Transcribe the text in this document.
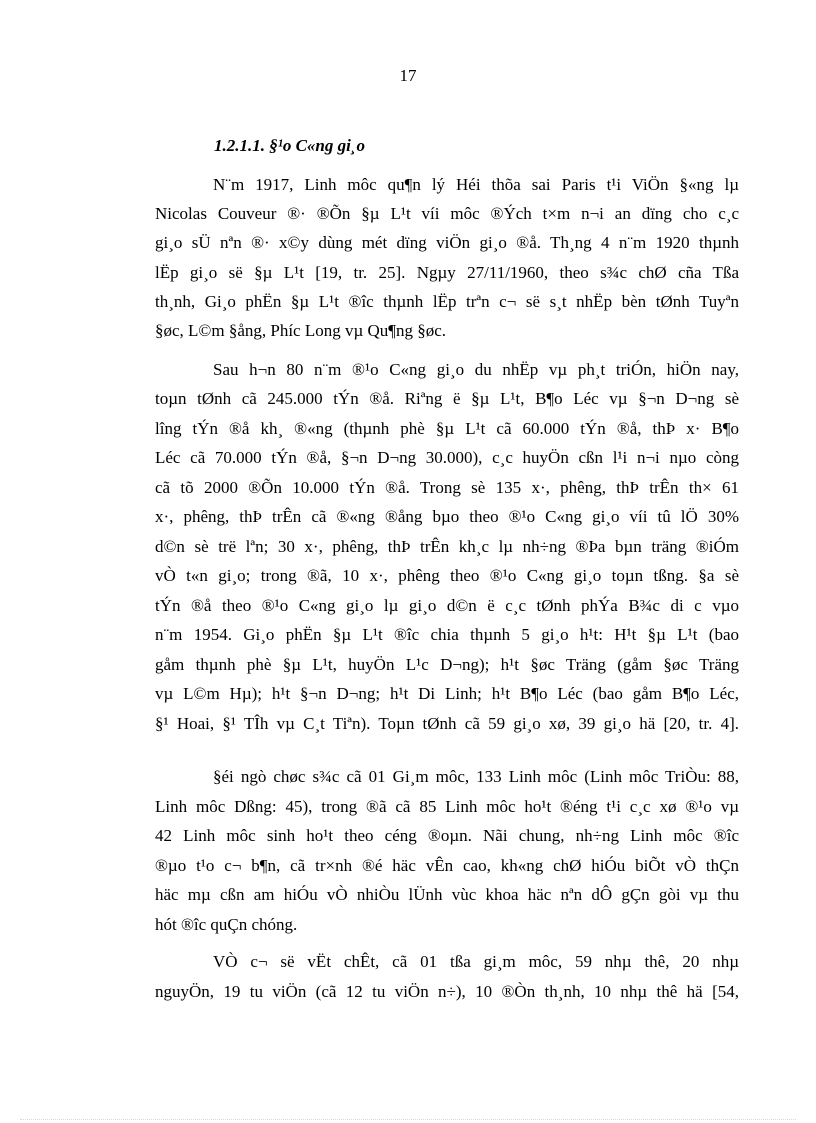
17
1.2.1.1. §¹o C«ng gi¸o
N¨m 1917, Linh môc qu¶n lý Héi thõa sai Paris t¹i ViÖn §«ng lµ
Nicolas Couveur ®· ®Õn §µ L¹t víi môc ®Ých t×m n¬i an dïng cho c¸c
gi¸o sÜ nªn ®· x©y dùng mét dïng viÖn gi¸o ®å. Th¸ng 4 n¨m 1920 thµnh
lËp gi¸o së §µ L¹t [19, tr. 25]. Ngµy 27/11/1960, theo s¾c chØ cña Tßa
th¸nh, Gi¸o phËn §µ L¹t ®îc thµnh lËp trªn c¬ së s¸t nhËp bèn tØnh Tuyªn
§øc, L©m §ång, Phíc Long vµ Qu¶ng §øc.
Sau h¬n 80 n¨m ®¹o C«ng gi¸o du nhËp vµ ph¸t triÓn, hiÖn nay,
toµn tØnh cã 245.000 tÝn ®å. Riªng ë §µ L¹t, B¶o Léc vµ §¬n D¬ng sè
lîng tÝn ®å kh¸ ®«ng (thµnh phè §µ L¹t cã 60.000 tÝn ®å, thÞ x· B¶o
Léc cã 70.000 tÝn ®å, §¬n D¬ng 30.000), c¸c huyÖn cßn l¹i n¬i nµo còng
cã tõ 2000 ®Õn 10.000 tÝn ®å. Trong sè 135 x·, phêng, thÞ trÊn th× 61
x·, phêng, thÞ trÊn cã ®«ng ®ång bµo theo ®¹o C«ng gi¸o víi tû lÖ 30%
d©n sè trë lªn; 30 x·, phêng, thÞ trÊn kh¸c lµ nh÷ng ®Þa bµn träng ®iÓm
vÒ t«n gi¸o; trong ®ã, 10 x·, phêng theo ®¹o C«ng gi¸o toµn tßng. §a sè
tÝn ®å theo ®¹o C«ng gi¸o lµ gi¸o d©n ë c¸c tØnh phÝa B¾c di c vµo
n¨m 1954. Gi¸o phËn §µ L¹t ®îc chia thµnh 5 gi¸o h¹t: H¹t §µ L¹t (bao
gåm thµnh phè §µ L¹t, huyÖn L¹c D¬ng); h¹t §øc Träng (gåm §øc Träng
vµ L©m Hµ); h¹t §¬n D¬ng; h¹t Di Linh; h¹t B¶o Léc (bao gåm B¶o Léc,
§¹ Hoai, §¹ TÎh vµ C¸t Tiªn). Toµn tØnh cã 59 gi¸o xø, 39 gi¸o hä [20, tr. 4].
§éi ngò chøc s¾c cã 01 Gi¸m môc, 133 Linh môc (Linh môc TriÒu: 88,
Linh môc Dßng: 45), trong ®ã cã 85 Linh môc ho¹t ®éng t¹i c¸c xø ®¹o vµ
42 Linh môc sinh ho¹t theo céng ®oµn. Nãi chung, nh÷ng Linh môc ®îc
®µo t¹o c¬ b¶n, cã tr×nh ®é häc vÊn cao, kh«ng chØ hiÓu biÕt vÒ thÇn
häc mµ cßn am hiÓu vÒ nhiÒu lÜnh vùc khoa häc nªn dÔ gÇn gòi vµ thu
hót ®îc quÇn chóng.
VÒ c¬ së vËt chÊt, cã 01 tßa gi¸m môc, 59 nhµ thê, 20 nhµ
nguyÖn, 19 tu viÖn (cã 12 tu viÖn n÷), 10 ®Òn th¸nh, 10 nhµ thê hä [54,
